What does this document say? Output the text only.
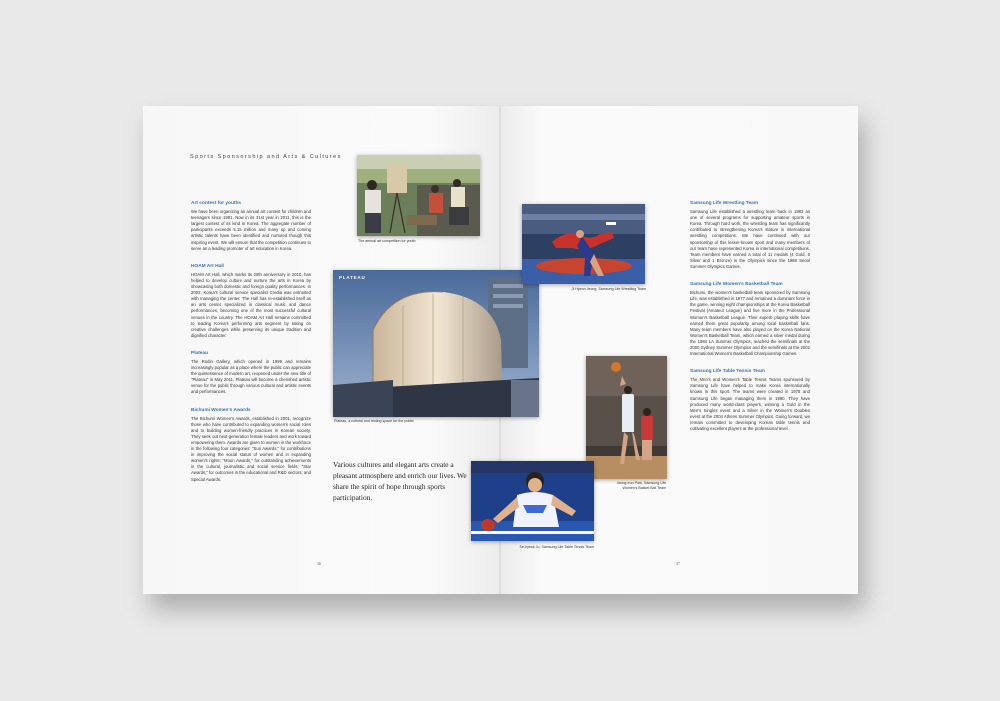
Sports Sponsorship and Arts & Cultures
Art contest for youths

We have been organizing an annual art contest for children and teenagers since 1981. Now in its 31st year in 2011, this is the largest contest of its kind in Korea. The aggregate number of participants exceeds 5.15 million and many up and coming artistic talents have been identified and nurtured though this inspiring event. We will ensure that the competition continues to serve as a leading promoter of art education in Korea.

HOAM Art Hall

HOAM Art Hall, which marks its 26th anniversary in 2010, has helped to develop culture and nurture the arts in Korea by showcasing both domestic and foreign quality performances. In 2002, Korea's cultural service specialist Credia was entrusted with managing the center. The Hall has re-established itself as an arts center specialized in classical music and dance performances, becoming one of the most successful cultural venues in the country. The HOAM Art Hall remains committed to leading Korea's performing arts segment by taking on creative challenges while preserving its unique tradition and dignified character.

Plateau

The Rodin Gallery, which opened in 1999 and remains increasingly popular as a place where the public can appreciate the quintessence of modern art, reopened under the new title of "Plateau" in May 2011. Plateau will become a cherished artistic venue for the public through various cultural and artistic events and performances.

Bichumi Women's Awards

The Bichumi Women's Awards, established in 2001, recognize those who have contributed to expanding women's social roles and to building women-friendly practices in Korean society. They seek out next-generation female leaders and work toward empowering them. Awards are given to women in the workforce in the following four categories: "Sun Awards," for contributions in improving the social status of women and in expanding women's rights; "Moon Awards," for outstanding achievements in the cultural, journalistic and social service fields; "Star Awards," for outcomes in the educational and R&D sectors; and Special Awards.

Samsung Life Wrestling Team

Samsung Life established a wrestling team back in 1983 as one of several programs for supporting amateur sports in Korea. Through hard work, the wrestling team has significantly contributed to strengthening Korea's stature in international wrestling competitions. We have continued with our sponsorship of this lesser-known sport and many members of our team have represented Korea in international competitions. Team members have earned a total of 11 medals (4 Gold, 6 Silver and 1 Bronze) in the Olympics since the 1988 Seoul Summer Olympics Games.

Samsung Life Women's Basketball Team

Bichumi, the women's basketball team sponsored by Samsung Life, was established in 1977 and remained a dominant force in the game, winning eight championships at the Korea Basketball Festival (Amateur League) and five more in the Professional Women's Basketball League. Their superb playing skills have earned them great popularity among local basketball fans. Many team members have also played on the Korea National Women's Basketball Team, which earned a silver medal during the 1984 LA Summer Olympics, reached the semifinals at the 2000 Sydney Summer Olympics and the semifinals at the 2002 International Women's Basketball Championship Games.

Samsung Life Table Tennis Team

The Men's and Women's Table Tennis Teams sponsored by Samsung Life have helped to make Korea internationally known in this sport. The teams were created in 1978 and Samsung Life began managing them in 1990. They have produced many world-class players, winning a Gold in the Men's Singles event and a Silver in the Women's Doubles event at the 2004 Athens Summer Olympics. Going forward, we remain committed to developing Korean table tennis and cultivating excellent players at the professional level.

The annual art competition for youth
PLATEAU
Plateau, a cultural and resting space for the public
Ji Hyeon Jeong, Samsung Life Wrestling Team
Jeong-eun Park, Samsung Life Women's Basket Ball Team
Se-hyeok Ju, Samsung Life Table Tennis Team
Various cultures and elegant arts create a pleasant atmosphere and enrich our lives. We share the spirit of hope through sports participation.
36	37
